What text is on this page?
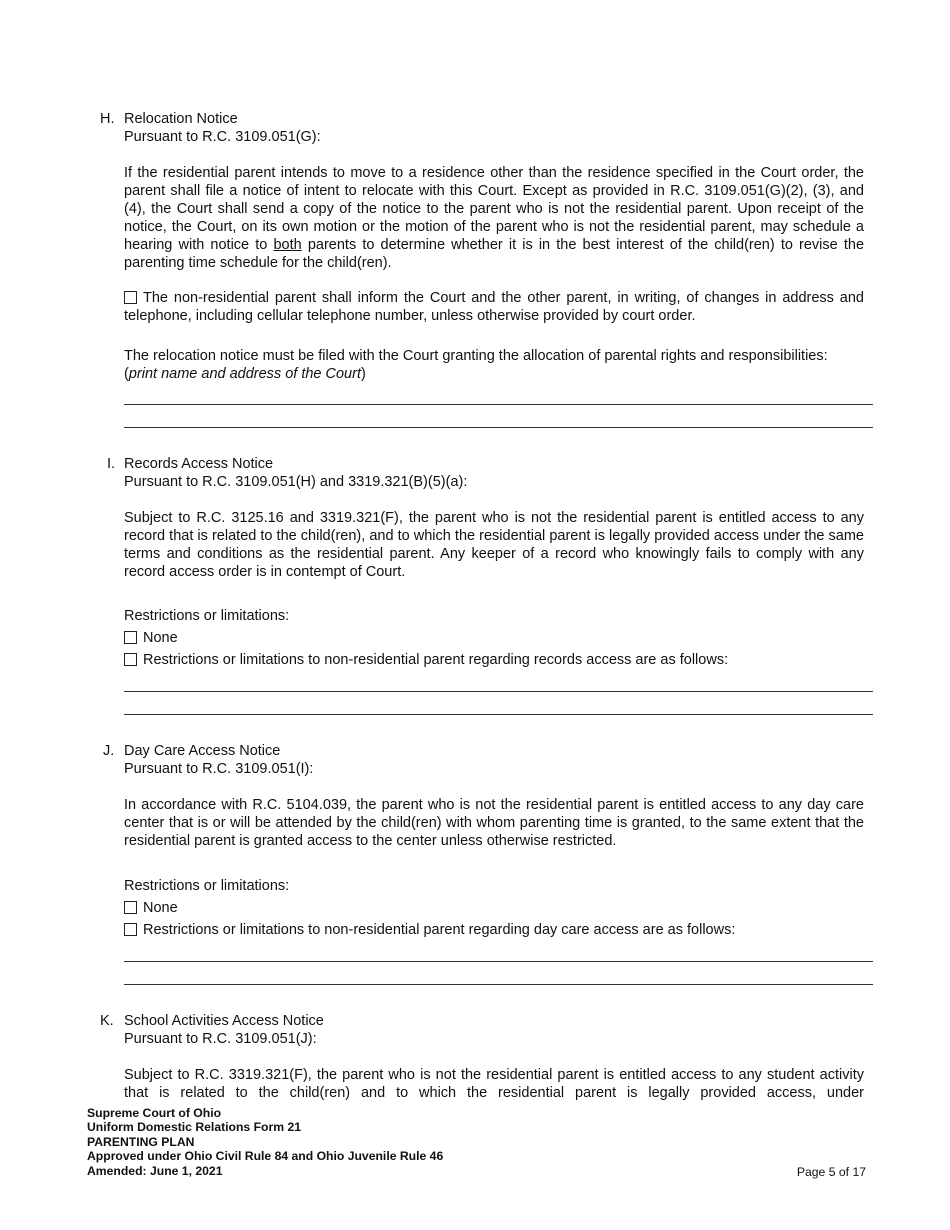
H. Relocation Notice
Pursuant to R.C. 3109.051(G):
If the residential parent intends to move to a residence other than the residence specified in the Court order, the parent shall file a notice of intent to relocate with this Court. Except as provided in R.C. 3109.051(G)(2), (3), and (4), the Court shall send a copy of the notice to the parent who is not the residential parent. Upon receipt of the notice, the Court, on its own motion or the motion of the parent who is not the residential parent, may schedule a hearing with notice to both parents to determine whether it is in the best interest of the child(ren) to revise the parenting time schedule for the child(ren).
The non-residential parent shall inform the Court and the other parent, in writing, of changes in address and telephone, including cellular telephone number, unless otherwise provided by court order.
The relocation notice must be filed with the Court granting the allocation of parental rights and responsibilities:
(print name and address of the Court)
I. Records Access Notice
Pursuant to R.C. 3109.051(H) and 3319.321(B)(5)(a):
Subject to R.C. 3125.16 and 3319.321(F), the parent who is not the residential parent is entitled access to any record that is related to the child(ren), and to which the residential parent is legally provided access under the same terms and conditions as the residential parent. Any keeper of a record who knowingly fails to comply with any record access order is in contempt of Court.
Restrictions or limitations:
None
Restrictions or limitations to non-residential parent regarding records access are as follows:
J. Day Care Access Notice
Pursuant to R.C. 3109.051(I):
In accordance with R.C. 5104.039, the parent who is not the residential parent is entitled access to any day care center that is or will be attended by the child(ren) with whom parenting time is granted, to the same extent that the residential parent is granted access to the center unless otherwise restricted.
Restrictions or limitations:
None
Restrictions or limitations to non-residential parent regarding day care access are as follows:
K. School Activities Access Notice
Pursuant to R.C. 3109.051(J):
Subject to R.C. 3319.321(F), the parent who is not the residential parent is entitled access to any student activity that is related to the child(ren) and to which the residential parent is legally provided access, under
Supreme Court of Ohio
Uniform Domestic Relations Form 21
PARENTING PLAN
Approved under Ohio Civil Rule 84 and Ohio Juvenile Rule 46
Amended: June 1, 2021	Page 5 of 17
